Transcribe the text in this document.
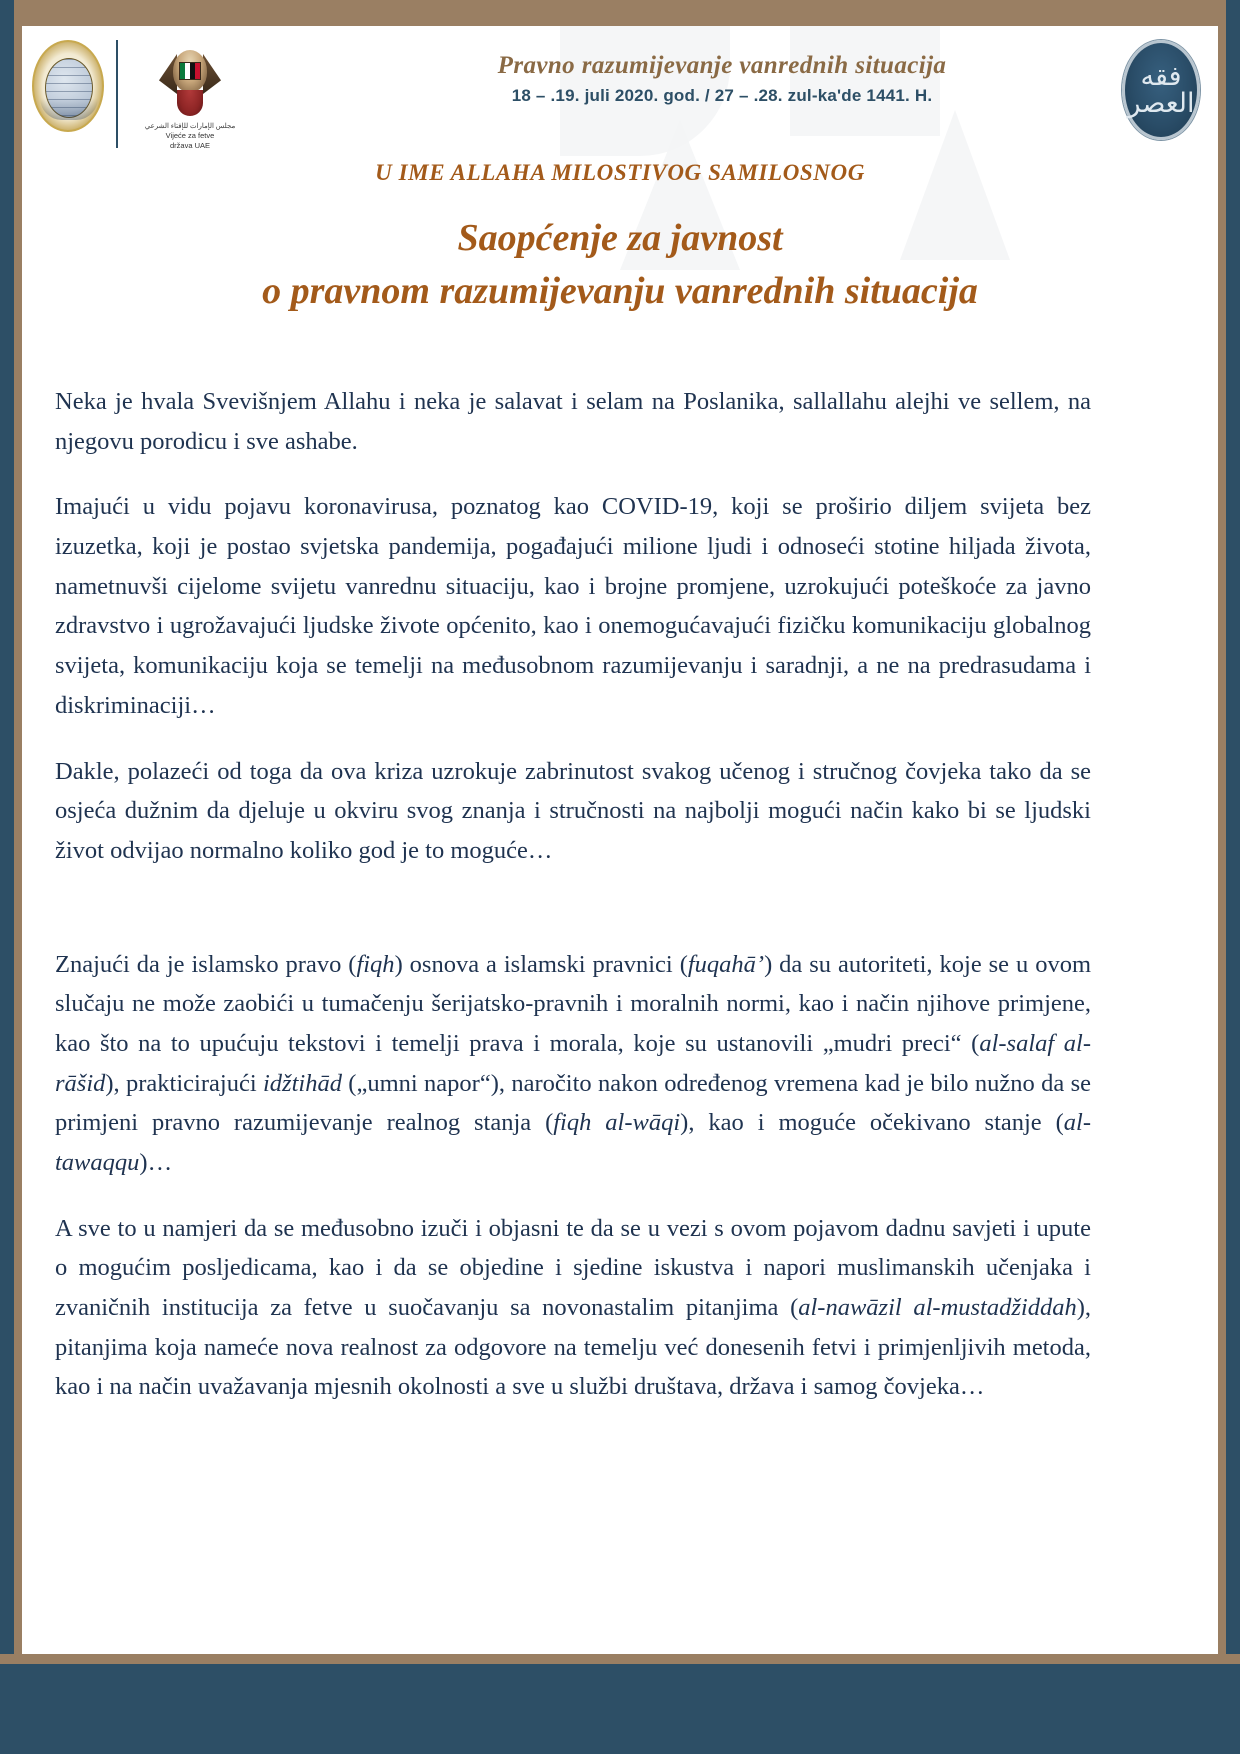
مجلس الإمارات للإفتاء الشرعي
Vijeće za fetve
država UAE
Pravno razumijevanje vanrednih situacija
18 – .19. juli 2020. god. / 27 – .28. zul-ka'de 1441. H.
فقه العصر
U IME ALLAHA MILOSTIVOG SAMILOSNOG
Saopćenje za javnost
o pravnom razumijevanju vanrednih situacija

Neka je hvala Svevišnjem Allahu i neka je salavat i selam na Poslanika, sallallahu alejhi ve sellem, na njegovu porodicu i sve ashabe.

Imajući u vidu pojavu koronavirusa, poznatog kao COVID-19, koji se proširio diljem svijeta bez izuzetka, koji je postao svjetska pandemija, pogađajući milione ljudi i odnoseći stotine hiljada života, nametnuvši cijelome svijetu vanrednu situaciju, kao i brojne promjene, uzrokujući poteškoće za javno zdravstvo i ugrožavajući ljudske živote općenito, kao i onemogućavajući fizičku komunikaciju globalnog svijeta, komunikaciju koja se temelji na međusobnom razumijevanju i saradnji, a ne na predrasudama i diskriminaciji…

Dakle, polazeći od toga da ova kriza uzrokuje zabrinutost svakog učenog i stručnog čovjeka tako da se osjeća dužnim da djeluje u okviru svog znanja i stručnosti na najbolji mogući način kako bi se ljudski život odvijao normalno koliko god je to moguće…

Znajući da je islamsko pravo (fiqh) osnova a islamski pravnici (fuqahā’) da su autoriteti, koje se u ovom slučaju ne može zaobići u tumačenju šerijatsko-pravnih i moralnih normi, kao i način njihove primjene, kao što na to upućuju tekstovi i temelji prava i morala, koje su ustanovili „mudri preci“ (al-salaf al-rāšid), prakticirajući idžtihād („umni napor“), naročito nakon određenog vremena kad je bilo nužno da se primjeni pravno razumijevanje realnog stanja (fiqh al-wāqi), kao i moguće očekivano stanje (al-tawaqqu)…

A sve to u namjeri da se međusobno izuči i objasni te da se u vezi s ovom pojavom dadnu savjeti i upute o mogućim posljedicama, kao i da se objedine i sjedine iskustva i napori muslimanskih učenjaka i zvaničnih institucija za fetve u suočavanju sa novonastalim pitanjima (al-nawāzil al-mustadžiddah), pitanjima koja nameće nova realnost za odgovore na temelju već donesenih fetvi i primjenljivih metoda, kao i na način uvažavanja mjesnih okolnosti a sve u službi društava, država i samog čovjeka…
